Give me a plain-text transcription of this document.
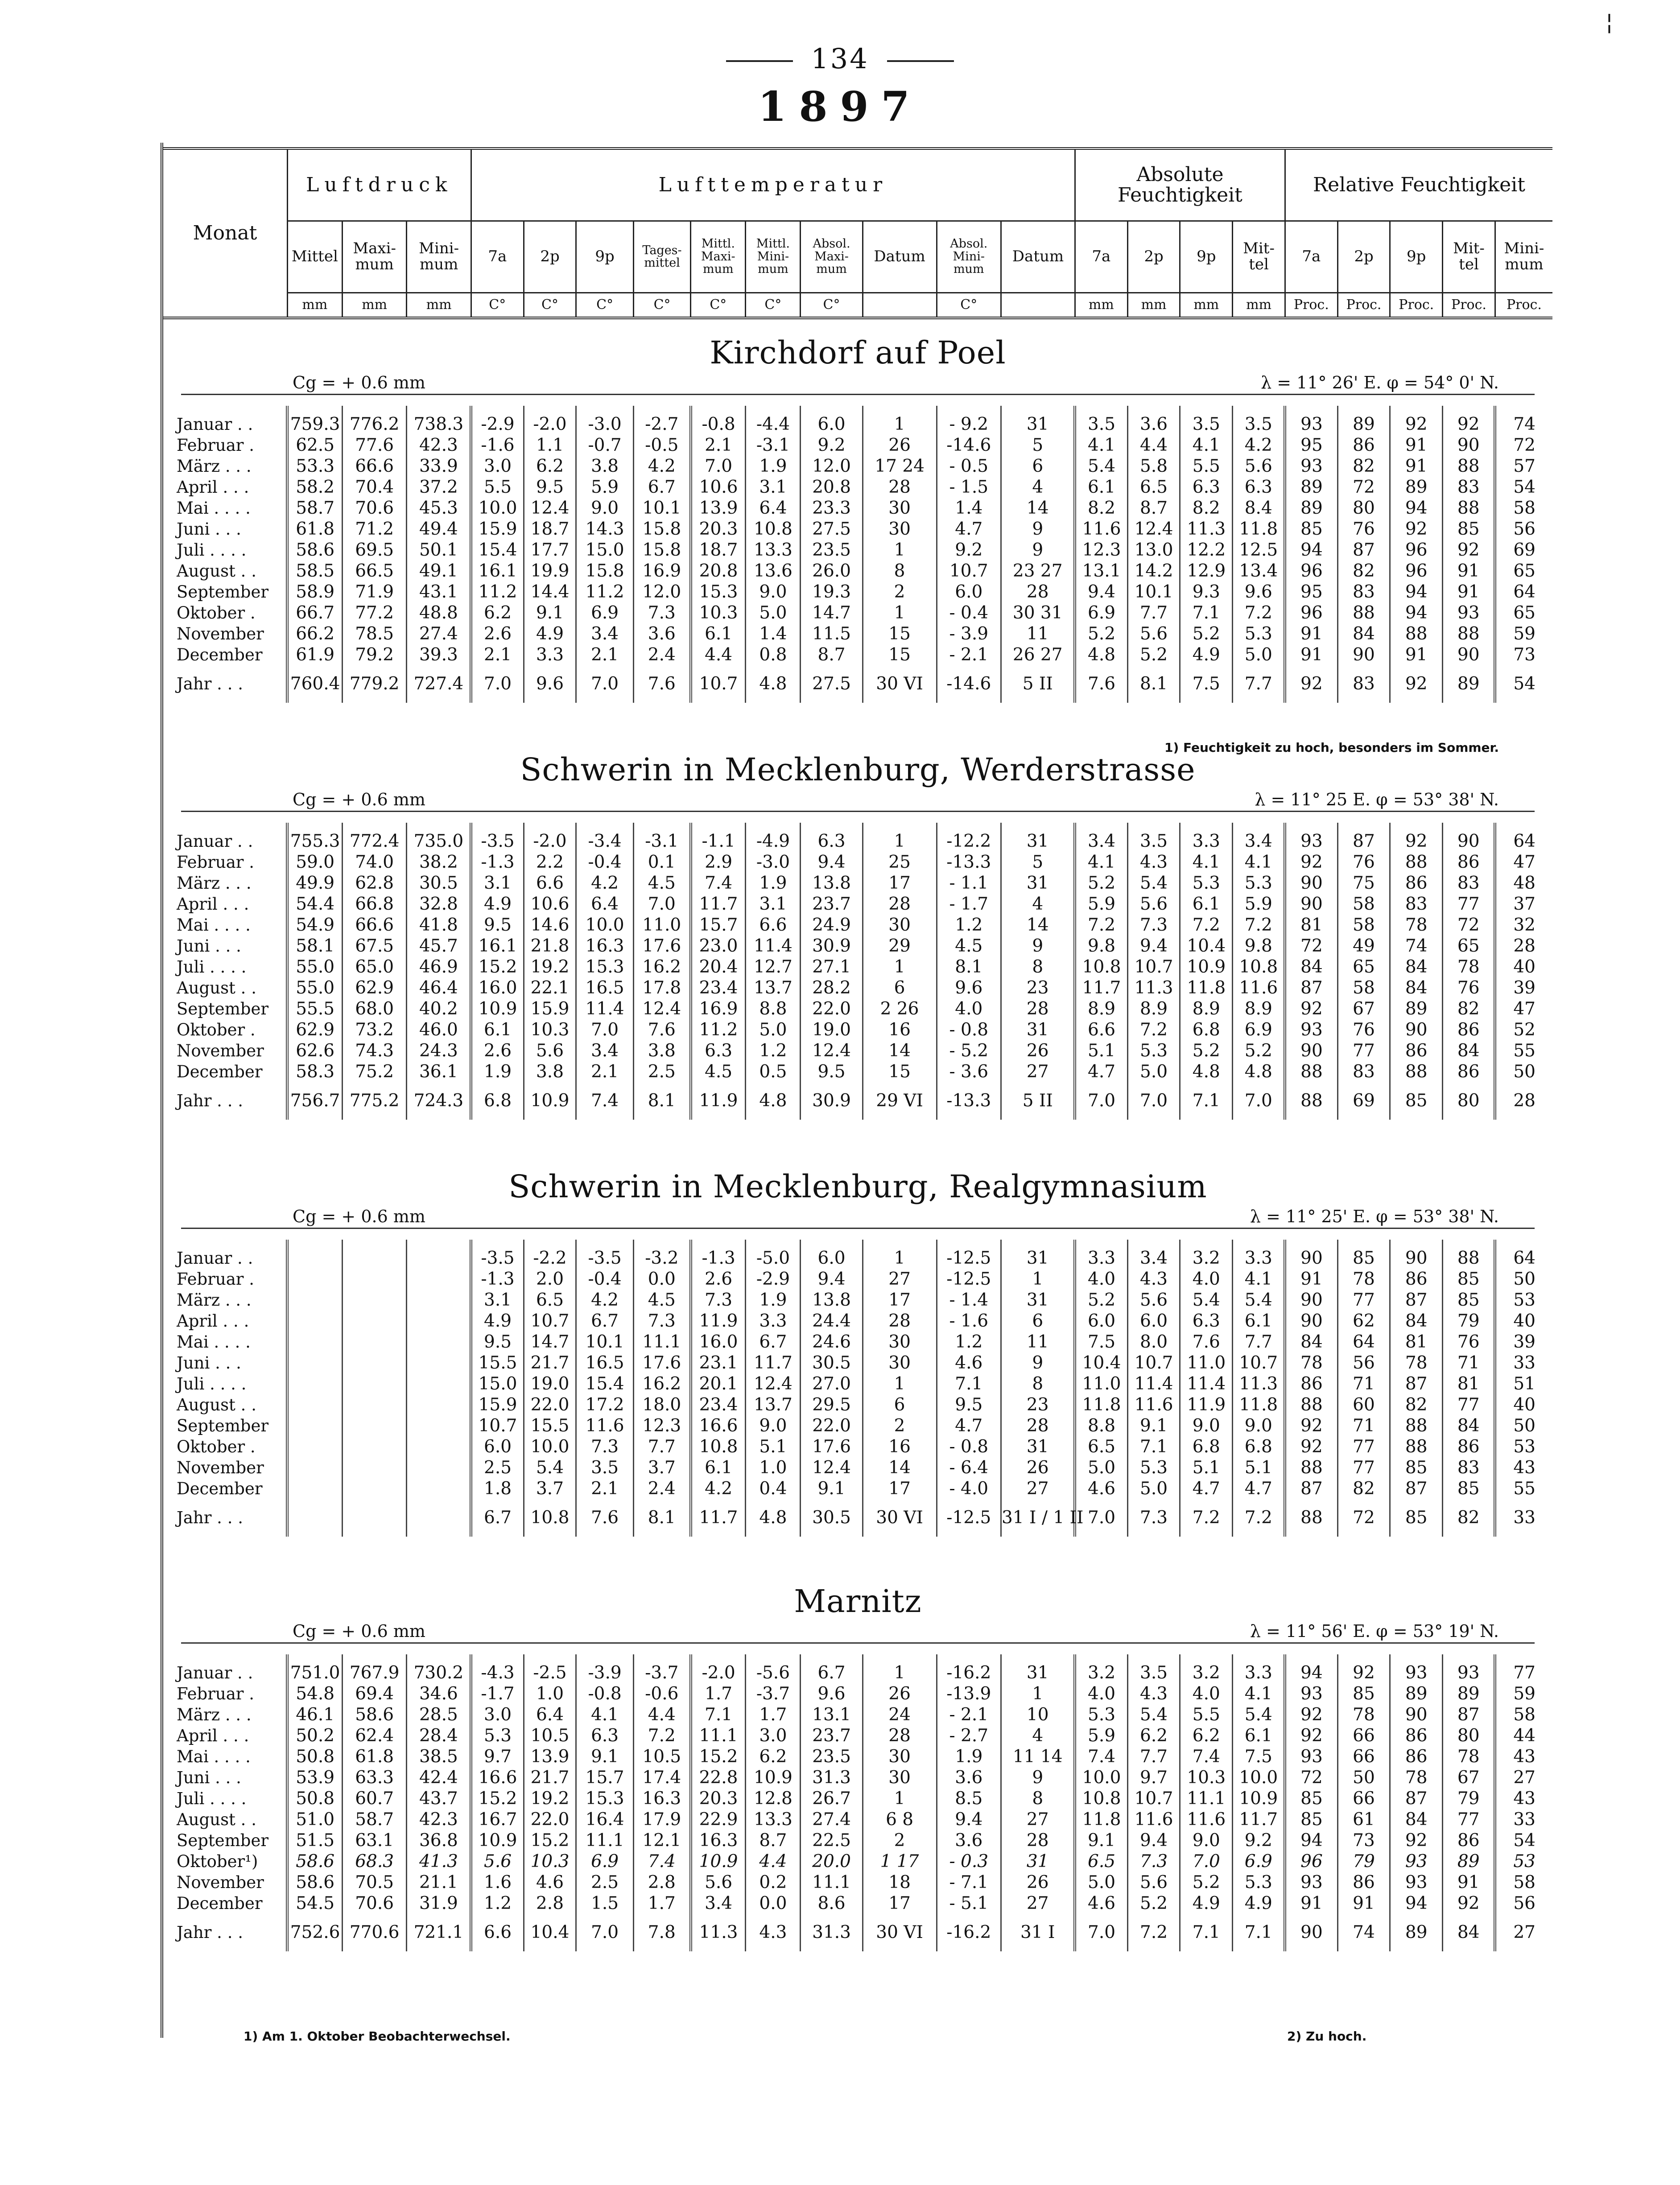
134
1897
Monat	Luftdruck			Lufttemperatur										Absolute Feuchtigkeit				Relative Feuchtigkeit				
	Mittel	Maxi-mum	Mini-mum	7a	2p	9p	Tages-mittel	Mittl. Maxi-mum	Mittl. Mini-mum	Absol. Maxi-mum	Datum	Absol. Mini-mum	Datum	7a	2p	9p	Mit-tel	7a	2p	9p	Mit-tel	Mini-mum
	mm	mm	mm	C°	C°	C°	C°	C°	C°	C°		C°		mm	mm	mm	mm	Proc.	Proc.	Proc.	Proc.	Proc.
Kirchdorf auf Poel
Cg = + 0.6 mm	λ = 11° 26' E. φ = 54° 0' N.

Januar . .	759.3	776.2	738.3	-2.9	-2.0	-3.0	-2.7	-0.8	-4.4	6.0	1	- 9.2	31	3.5	3.6	3.5	3.5	93	89	92	92	74
Februar .	62.5	77.6	42.3	-1.6	1.1	-0.7	-0.5	2.1	-3.1	9.2	26	-14.6	5	4.1	4.4	4.1	4.2	95	86	91	90	72
März . . .	53.3	66.6	33.9	3.0	6.2	3.8	4.2	7.0	1.9	12.0	17 24	- 0.5	6	5.4	5.8	5.5	5.6	93	82	91	88	57
April . . .	58.2	70.4	37.2	5.5	9.5	5.9	6.7	10.6	3.1	20.8	28	- 1.5	4	6.1	6.5	6.3	6.3	89	72	89	83	54
Mai . . . .	58.7	70.6	45.3	10.0	12.4	9.0	10.1	13.9	6.4	23.3	30	1.4	14	8.2	8.7	8.2	8.4	89	80	94	88	58
Juni . . .	61.8	71.2	49.4	15.9	18.7	14.3	15.8	20.3	10.8	27.5	30	4.7	9	11.6	12.4	11.3	11.8	85	76	92	85	56
Juli . . . .	58.6	69.5	50.1	15.4	17.7	15.0	15.8	18.7	13.3	23.5	1	9.2	9	12.3	13.0	12.2	12.5	94	87	96	92	69
August . .	58.5	66.5	49.1	16.1	19.9	15.8	16.9	20.8	13.6	26.0	8	10.7	23 27	13.1	14.2	12.9	13.4	96	82	96	91	65
September	58.9	71.9	43.1	11.2	14.4	11.2	12.0	15.3	9.0	19.3	2	6.0	28	9.4	10.1	9.3	9.6	95	83	94	91	64
Oktober .	66.7	77.2	48.8	6.2	9.1	6.9	7.3	10.3	5.0	14.7	1	- 0.4	30 31	6.9	7.7	7.1	7.2	96	88	94	93	65
November	66.2	78.5	27.4	2.6	4.9	3.4	3.6	6.1	1.4	11.5	15	- 3.9	11	5.2	5.6	5.2	5.3	91	84	88	88	59
December	61.9	79.2	39.3	2.1	3.3	2.1	2.4	4.4	0.8	8.7	15	- 2.1	26 27	4.8	5.2	4.9	5.0	91	90	91	90	73
Jahr . . .	760.4	779.2	727.4	7.0	9.6	7.0	7.6	10.7	4.8	27.5	30 VI	-14.6	5 II	7.6	8.1	7.5	7.7	92	83	92	89	54
1) Feuchtigkeit zu hoch, besonders im Sommer.
Schwerin in Mecklenburg, Werderstrasse
Cg = + 0.6 mm	λ = 11° 25 E. φ = 53° 38' N.

Januar . .	755.3	772.4	735.0	-3.5	-2.0	-3.4	-3.1	-1.1	-4.9	6.3	1	-12.2	31	3.4	3.5	3.3	3.4	93	87	92	90	64
Februar .	59.0	74.0	38.2	-1.3	2.2	-0.4	0.1	2.9	-3.0	9.4	25	-13.3	5	4.1	4.3	4.1	4.1	92	76	88	86	47
März . . .	49.9	62.8	30.5	3.1	6.6	4.2	4.5	7.4	1.9	13.8	17	- 1.1	31	5.2	5.4	5.3	5.3	90	75	86	83	48
April . . .	54.4	66.8	32.8	4.9	10.6	6.4	7.0	11.7	3.1	23.7	28	- 1.7	4	5.9	5.6	6.1	5.9	90	58	83	77	37
Mai . . . .	54.9	66.6	41.8	9.5	14.6	10.0	11.0	15.7	6.6	24.9	30	1.2	14	7.2	7.3	7.2	7.2	81	58	78	72	32
Juni . . .	58.1	67.5	45.7	16.1	21.8	16.3	17.6	23.0	11.4	30.9	29	4.5	9	9.8	9.4	10.4	9.8	72	49	74	65	28
Juli . . . .	55.0	65.0	46.9	15.2	19.2	15.3	16.2	20.4	12.7	27.1	1	8.1	8	10.8	10.7	10.9	10.8	84	65	84	78	40
August . .	55.0	62.9	46.4	16.0	22.1	16.5	17.8	23.4	13.7	28.2	6	9.6	23	11.7	11.3	11.8	11.6	87	58	84	76	39
September	55.5	68.0	40.2	10.9	15.9	11.4	12.4	16.9	8.8	22.0	2 26	4.0	28	8.9	8.9	8.9	8.9	92	67	89	82	47
Oktober .	62.9	73.2	46.0	6.1	10.3	7.0	7.6	11.2	5.0	19.0	16	- 0.8	31	6.6	7.2	6.8	6.9	93	76	90	86	52
November	62.6	74.3	24.3	2.6	5.6	3.4	3.8	6.3	1.2	12.4	14	- 5.2	26	5.1	5.3	5.2	5.2	90	77	86	84	55
December	58.3	75.2	36.1	1.9	3.8	2.1	2.5	4.5	0.5	9.5	15	- 3.6	27	4.7	5.0	4.8	4.8	88	83	88	86	50
Jahr . . .	756.7	775.2	724.3	6.8	10.9	7.4	8.1	11.9	4.8	30.9	29 VI	-13.3	5 II	7.0	7.0	7.1	7.0	88	69	85	80	28
Schwerin in Mecklenburg, Realgymnasium
Cg = + 0.6 mm	λ = 11° 25' E. φ = 53° 38' N.

Januar . .				-3.5	-2.2	-3.5	-3.2	-1.3	-5.0	6.0	1	-12.5	31	3.3	3.4	3.2	3.3	90	85	90	88	64
Februar .				-1.3	2.0	-0.4	0.0	2.6	-2.9	9.4	27	-12.5	1	4.0	4.3	4.0	4.1	91	78	86	85	50
März . . .				3.1	6.5	4.2	4.5	7.3	1.9	13.8	17	- 1.4	31	5.2	5.6	5.4	5.4	90	77	87	85	53
April . . .				4.9	10.7	6.7	7.3	11.9	3.3	24.4	28	- 1.6	6	6.0	6.0	6.3	6.1	90	62	84	79	40
Mai . . . .				9.5	14.7	10.1	11.1	16.0	6.7	24.6	30	1.2	11	7.5	8.0	7.6	7.7	84	64	81	76	39
Juni . . .				15.5	21.7	16.5	17.6	23.1	11.7	30.5	30	4.6	9	10.4	10.7	11.0	10.7	78	56	78	71	33
Juli . . . .				15.0	19.0	15.4	16.2	20.1	12.4	27.0	1	7.1	8	11.0	11.4	11.4	11.3	86	71	87	81	51
August . .				15.9	22.0	17.2	18.0	23.4	13.7	29.5	6	9.5	23	11.8	11.6	11.9	11.8	88	60	82	77	40
September				10.7	15.5	11.6	12.3	16.6	9.0	22.0	2	4.7	28	8.8	9.1	9.0	9.0	92	71	88	84	50
Oktober .				6.0	10.0	7.3	7.7	10.8	5.1	17.6	16	- 0.8	31	6.5	7.1	6.8	6.8	92	77	88	86	53
November				2.5	5.4	3.5	3.7	6.1	1.0	12.4	14	- 6.4	26	5.0	5.3	5.1	5.1	88	77	85	83	43
December				1.8	3.7	2.1	2.4	4.2	0.4	9.1	17	- 4.0	27	4.6	5.0	4.7	4.7	87	82	87	85	55
Jahr . . .				6.7	10.8	7.6	8.1	11.7	4.8	30.5	30 VI	-12.5	31 I / 1 II	7.0	7.3	7.2	7.2	88	72	85	82	33
Marnitz
Cg = + 0.6 mm	λ = 11° 56' E. φ = 53° 19' N.

Januar . .	751.0	767.9	730.2	-4.3	-2.5	-3.9	-3.7	-2.0	-5.6	6.7	1	-16.2	31	3.2	3.5	3.2	3.3	94	92	93	93	77
Februar .	54.8	69.4	34.6	-1.7	1.0	-0.8	-0.6	1.7	-3.7	9.6	26	-13.9	1	4.0	4.3	4.0	4.1	93	85	89	89	59
März . . .	46.1	58.6	28.5	3.0	6.4	4.1	4.4	7.1	1.7	13.1	24	- 2.1	10	5.3	5.4	5.5	5.4	92	78	90	87	58
April . . .	50.2	62.4	28.4	5.3	10.5	6.3	7.2	11.1	3.0	23.7	28	- 2.7	4	5.9	6.2	6.2	6.1	92	66	86	80	44
Mai . . . .	50.8	61.8	38.5	9.7	13.9	9.1	10.5	15.2	6.2	23.5	30	1.9	11 14	7.4	7.7	7.4	7.5	93	66	86	78	43
Juni . . .	53.9	63.3	42.4	16.6	21.7	15.7	17.4	22.8	10.9	31.3	30	3.6	9	10.0	9.7	10.3	10.0	72	50	78	67	27
Juli . . . .	50.8	60.7	43.7	15.2	19.2	15.3	16.3	20.3	12.8	26.7	1	8.5	8	10.8	10.7	11.1	10.9	85	66	87	79	43
August . .	51.0	58.7	42.3	16.7	22.0	16.4	17.9	22.9	13.3	27.4	6 8	9.4	27	11.8	11.6	11.6	11.7	85	61	84	77	33
September	51.5	63.1	36.8	10.9	15.2	11.1	12.1	16.3	8.7	22.5	2	3.6	28	9.1	9.4	9.0	9.2	94	73	92	86	54
Oktober¹)	58.6	68.3	41.3	5.6	10.3	6.9	7.4	10.9	4.4	20.0	1 17	- 0.3	31	6.5	7.3	7.0	6.9	96	79	93	89	53
November	58.6	70.5	21.1	1.6	4.6	2.5	2.8	5.6	0.2	11.1	18	- 7.1	26	5.0	5.6	5.2	5.3	93	86	93	91	58
December	54.5	70.6	31.9	1.2	2.8	1.5	1.7	3.4	0.0	8.6	17	- 5.1	27	4.6	5.2	4.9	4.9	91	91	94	92	56
Jahr . . .	752.6	770.6	721.1	6.6	10.4	7.0	7.8	11.3	4.3	31.3	30 VI	-16.2	31 I	7.0	7.2	7.1	7.1	90	74	89	84	27
1) Am 1. Oktober Beobachterwechsel.	2) Zu hoch.
¦
